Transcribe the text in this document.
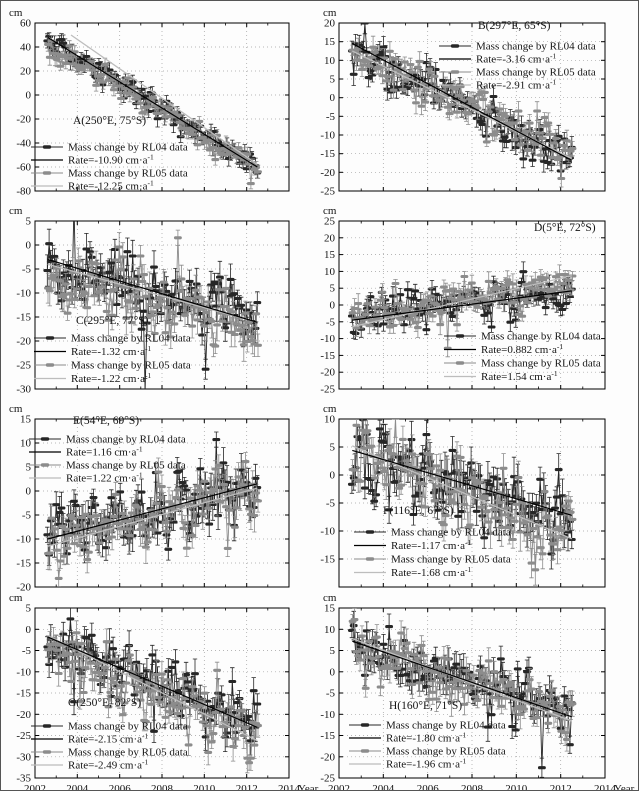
-80
-60
-40
-20
0
20
40
60
cm
A(250°E, 75°S)
Mass change by RL04 data
Rate=-10.90 $cm\cdot a^{-1}$
Mass change by RL05 data
Rate=-12.25 $cm\cdot a^{-1}$
-25
-20
-15
-10
-5
0
5
10
15
20
cm
B(297°E, 65°S)
Mass change by RL04 data
Rate=-3.16 $cm\cdot a^{-1}$
Mass change by RL05 data
Rate=-2.91 $cm\cdot a^{-1}$
-30
-25
-20
-15
-10
-5
0
5
cm
C(295°E, 77°S)
Mass change by RL04 data
Rate=-1.32 $cm\cdot a^{-1}$
Mass change by RL05 data
Rate=-1.22 $cm\cdot a^{-1}$
-25
-20
-15
-10
-5
0
5
10
15
20
25
cm
D(5°E, 72°S)
Mass change by RL04 data
Rate=0.882 $cm\cdot a^{-1}$
Mass change by RL05 data
Rate=1.54 $cm\cdot a^{-1}$
-20
-15
-10
-5
0
5
10
15
cm
E(54°E, 69°S)
Mass change by RL04 data
Rate=1.16 $cm\cdot a^{-1}$
Mass change by RL05 data
Rate=1.22 $cm\cdot a^{-1}$
-15
-10
-5
0
5
10
cm
F(116°E, 67°S)
Mass change by RL04 data
Rate=-1.17 $cm\cdot a^{-1}$
Mass change by RL05 data
Rate=-1.68 $cm\cdot a^{-1}$
-35
-30
-25
-20
-15
-10
-5
0
5
2002 2004 2006 2008 2010 2012 2014
Year
cm
G(250°E, 82°S)
Mass change by RL04 data
Rate=-2.15 $cm\cdot a^{-1}$
Mass change by RL05 data
Rate=-2.49 $cm\cdot a^{-1}$
-25
-20
-15
-10
-5
0
5
10
15
2002 2004 2006 2008 2010 2012 2014
Year
cm
H(160°E, 71°S)
Mass change by RL04 data
Rate=-1.80 $cm\cdot a^{-1}$
Mass change by RL05 data
Rate=-1.96 $cm\cdot a^{-1}$
